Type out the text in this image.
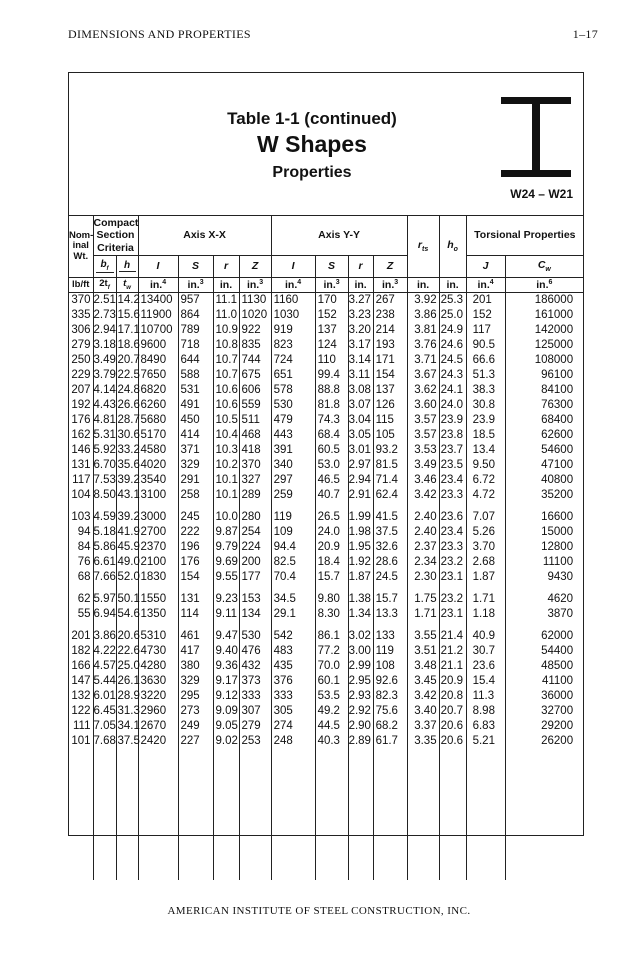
DIMENSIONS AND PROPERTIES	1–17
Table 1-1 (continued)
W Shapes
Properties
W24 – W21
Nom-inal Wt.	Compact Section Criteria		Axis X-X				Axis Y-Y				$r_{ts}$	$h_o$	Torsional Properties	

	$b_f$	h	I	S	r	Z	I	S	r	Z			J	$C_w$
lb/ft	$2t_f$	$t_w$	in.$^4$	in.$^3$	in.	in.$^3$	in.$^4$	in.$^3$	in.	in.$^3$	in.	in.	in.$^4$	in.$^6$
370	2.51	14.2	13400	957	11.1	1130	1160	170	3.27	267	3.92	25.3	201	186000
335	2.73	15.6	11900	864	11.0	1020	1030	152	3.23	238	3.86	25.0	152	161000
306	2.94	17.1	10700	789	10.9	922	919	137	3.20	214	3.81	24.9	117	142000
279	3.18	18.6	9600	718	10.8	835	823	124	3.17	193	3.76	24.6	90.5	125000
250	3.49	20.7	8490	644	10.7	744	724	110	3.14	171	3.71	24.5	66.6	108000
229	3.79	22.5	7650	588	10.7	675	651	99.4	3.11	154	3.67	24.3	51.3	96100
207	4.14	24.8	6820	531	10.6	606	578	88.8	3.08	137	3.62	24.1	38.3	84100
192	4.43	26.6	6260	491	10.6	559	530	81.8	3.07	126	3.60	24.0	30.8	76300
176	4.81	28.7	5680	450	10.5	511	479	74.3	3.04	115	3.57	23.9	23.9	68400
162	5.31	30.6	5170	414	10.4	468	443	68.4	3.05	105	3.57	23.8	18.5	62600
146	5.92	33.2	4580	371	10.3	418	391	60.5	3.01	93.2	3.53	23.7	13.4	54600
131	6.70	35.6	4020	329	10.2	370	340	53.0	2.97	81.5	3.49	23.5	9.50	47100
117	7.53	39.2	3540	291	10.1	327	297	46.5	2.94	71.4	3.46	23.4	6.72	40800
104	8.50	43.1	3100	258	10.1	289	259	40.7	2.91	62.4	3.42	23.3	4.72	35200

103	4.59	39.2	3000	245	10.0	280	119	26.5	1.99	41.5	2.40	23.6	7.07	16600
94	5.18	41.9	2700	222	9.87	254	109	24.0	1.98	37.5	2.40	23.4	5.26	15000
84	5.86	45.9	2370	196	9.79	224	94.4	20.9	1.95	32.6	2.37	23.3	3.70	12800
76	6.61	49.0	2100	176	9.69	200	82.5	18.4	1.92	28.6	2.34	23.2	2.68	11100
68	7.66	52.0	1830	154	9.55	177	70.4	15.7	1.87	24.5	2.30	23.1	1.87	9430

62	5.97	50.1	1550	131	9.23	153	34.5	9.80	1.38	15.7	1.75	23.2	1.71	4620
55	6.94	54.6	1350	114	9.11	134	29.1	8.30	1.34	13.3	1.71	23.1	1.18	3870

201	3.86	20.6	5310	461	9.47	530	542	86.1	3.02	133	3.55	21.4	40.9	62000
182	4.22	22.6	4730	417	9.40	476	483	77.2	3.00	119	3.51	21.2	30.7	54400
166	4.57	25.0	4280	380	9.36	432	435	70.0	2.99	108	3.48	21.1	23.6	48500
147	5.44	26.1	3630	329	9.17	373	376	60.1	2.95	92.6	3.45	20.9	15.4	41100
132	6.01	28.9	3220	295	9.12	333	333	53.5	2.93	82.3	3.42	20.8	11.3	36000
122	6.45	31.3	2960	273	9.09	307	305	49.2	2.92	75.6	3.40	20.7	8.98	32700
111	7.05	34.1	2670	249	9.05	279	274	44.5	2.90	68.2	3.37	20.6	6.83	29200
101	7.68	37.5	2420	227	9.02	253	248	40.3	2.89	61.7	3.35	20.6	5.21	26200

AMERICAN INSTITUTE OF STEEL CONSTRUCTION, INC.
